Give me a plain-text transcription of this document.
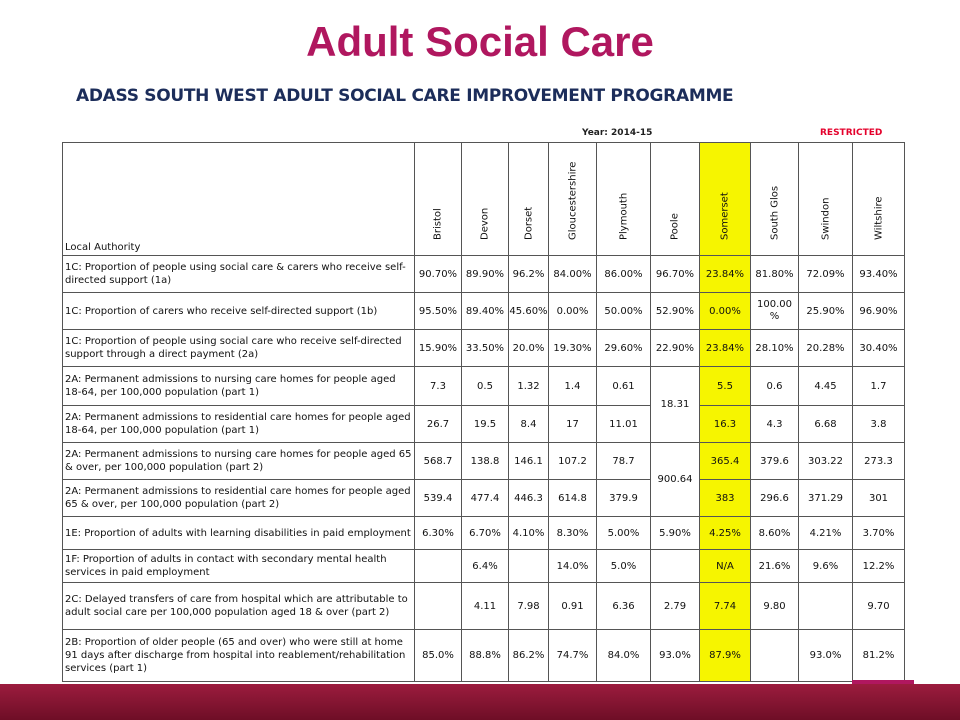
Adult Social Care
ADASS SOUTH WEST ADULT SOCIAL CARE IMPROVEMENT PROGRAMME
Year: 2014-15	RESTRICTED
Local Authority	Bristol	Devon	Dorset	Gloucestershire	Plymouth	Poole	Somerset	South Glos	Swindon	Wiltshire

1C: Proportion of people using social care & carers who receive self-directed support (1a)	90.70%	89.90%	96.2%	84.00%	86.00%	96.70%	23.84%	81.80%	72.09%	93.40%
1C: Proportion of carers who receive self-directed support (1b)	95.50%	89.40%	45.60%	0.00%	50.00%	52.90%	0.00%	100.00 %	25.90%	96.90%
1C: Proportion of people using social care who receive self-directed support through a direct payment (2a)	15.90%	33.50%	20.0%	19.30%	29.60%	22.90%	23.84%	28.10%	20.28%	30.40%
2A: Permanent admissions to nursing care homes for people aged 18-64, per 100,000 population (part 1)	7.3	0.5	1.32	1.4	0.61	18.31	5.5	0.6	4.45	1.7
2A: Permanent admissions to residential care homes for people aged 18-64, per 100,000 population (part 1)	26.7	19.5	8.4	17	11.01		16.3	4.3	6.68	3.8
2A: Permanent admissions to nursing care homes for people aged 65 & over, per 100,000 population (part 2)	568.7	138.8	146.1	107.2	78.7	900.64	365.4	379.6	303.22	273.3
2A: Permanent admissions to residential care homes for people aged 65 & over, per 100,000 population (part 2)	539.4	477.4	446.3	614.8	379.9		383	296.6	371.29	301
1E: Proportion of adults with learning disabilities in paid employment	6.30%	6.70%	4.10%	8.30%	5.00%	5.90%	4.25%	8.60%	4.21%	3.70%
1F: Proportion of adults in contact with secondary mental health services in paid employment		6.4%		14.0%	5.0%		N/A	21.6%	9.6%	12.2%
2C: Delayed transfers of care from hospital which are attributable to adult social care per 100,000 population aged 18 & over (part 2)		4.11	7.98	0.91	6.36	2.79	7.74	9.80		9.70
2B: Proportion of older people (65 and over) who were still at home 91 days after discharge from hospital into reablement/rehabilitation services (part 1)	85.0%	88.8%	86.2%	74.7%	84.0%	93.0%	87.9%		93.0%	81.2%
